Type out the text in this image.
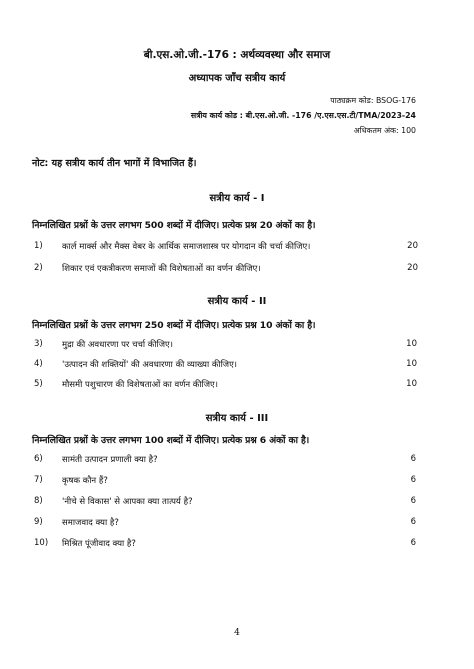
बी.एस.ओ.जी.-176 : अर्थव्यवस्था और समाज
अध्यापक जाँच सत्रीय कार्य
पाठ्यक्रम कोड: BSOG-176
सत्रीय कार्य कोड : बी.एस.ओ.जी. -176 /ए.एस.एस.टी/TMA/2023-24
अधिकतम अंक: 100
नोट: यह सत्रीय कार्य तीन भागों में विभाजित हैं।
सत्रीय कार्य - I
निम्नलिखित प्रश्नों के उत्तर लगभग 500 शब्दों में दीजिए। प्रत्येक प्रश्न 20 अंकों का है।
1) कार्ल मार्क्स और मैक्स वेबर के आर्थिक समाजशास्त्र पर योगदान की चर्चा कीजिए।	20
2) शिकार एवं एकत्रीकरण समाजों की विशेषताओं का वर्णन कीजिए।	20
सत्रीय कार्य - II
निम्नलिखित प्रश्नों के उत्तर लगभग 250 शब्दों में दीजिए। प्रत्येक प्रश्न 10 अंकों का है।
3) मुद्रा की अवधारणा पर चर्चा कीजिए।	10
4) 'उत्पादन की शक्तियों' की अवधारणा की व्याख्या कीजिए।	10
5) मौसमी पशुचारण की विशेषताओं का वर्णन कीजिए।	10
सत्रीय कार्य - III
निम्नलिखित प्रश्नों के उत्तर लगभग 100 शब्दों में दीजिए। प्रत्येक प्रश्न 6 अंकों का है।
6) सामंती उत्पादन प्रणाली क्या है?	6
7) कृषक कौन हैं?	6
8) 'नीचे से विकास' से आपका क्या तात्पर्य है?	6
9) समाजवाद क्या है?	6
10) मिश्रित पूंजीवाद क्या है?	6
4
